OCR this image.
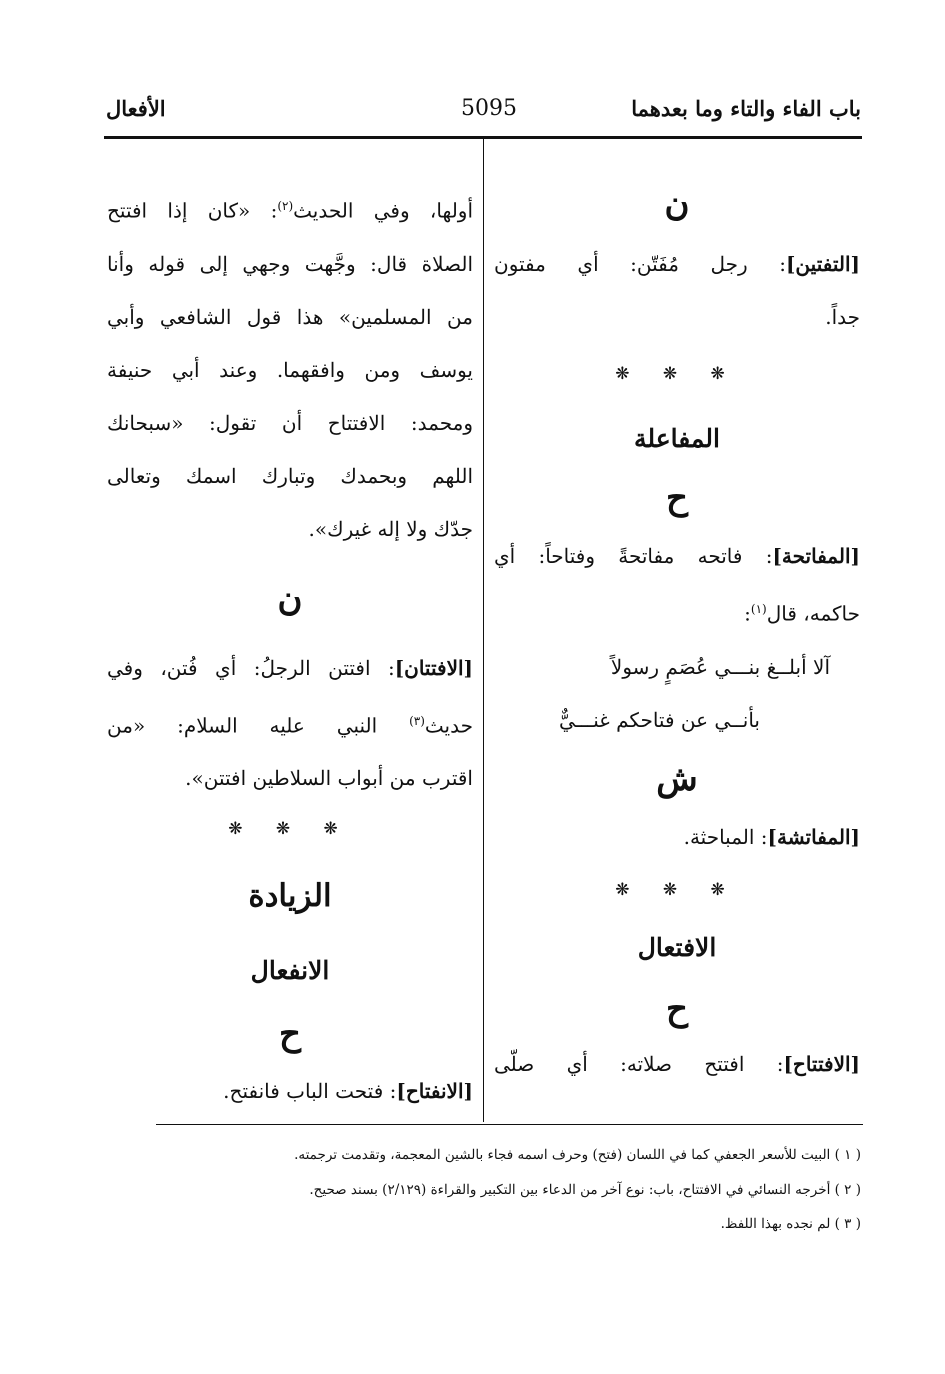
باب الفاء والتاء وما بعدهما
5095
الأفعال
ن

[التفتين]: رجل مُفَتّن: أي مفتون

جداً.

❋ ❋ ❋
المفاعلة
ح

[المفاتحة]: فاتحه مفاتحةً وفتاحاً: أي

حاكمه، قال$^{(١)}$:

آلا أبلــغ بنـــي عُصَمٍ رسولاً

بأنــي عن فتاحكم غنـــيٌّ

ش

[المفاتشة]: المباحثة.

❋ ❋ ❋
الافتعال
ح

[الافتتاح]: افتتح صلاته: أي صلّى

أولها، وفي الحديث$^{(٢)}$: «كان إذا افتتح

الصلاة قال: وجَّهت وجهي إلى قوله وأنا

من المسلمين» هذا قول الشافعي وأبي

يوسف ومن وافقهما. وعند أبي حنيفة

ومحمد: الافتتاح أن تقول: «سبحانك

اللهم وبحمدك وتبارك اسمك وتعالى

جدّك ولا إله غيرك».

ن

[الافتتان]: افتتن الرجلُ: أي فُتن، وفي

حديث$^{(٣)}$ النبي عليه السلام: «من

اقترب من أبواب السلاطين افتتن».

❋ ❋ ❋
الزيادة
الانفعال
ح

[الانفتاح]: فتحت الباب فانفتح.

( ١ ) البيت للأسعر الجعفي كما في اللسان (فتح) وحرف اسمه فجاء بالشين المعجمة، وتقدمت ترجمته.
( ٢ ) أخرجه النسائي في الافتتاح، باب: نوع آخر من الدعاء بين التكبير والقراءة (٢/١٢٩) بسند صحيح.
( ٣ ) لم نجده بهذا اللفظ.
